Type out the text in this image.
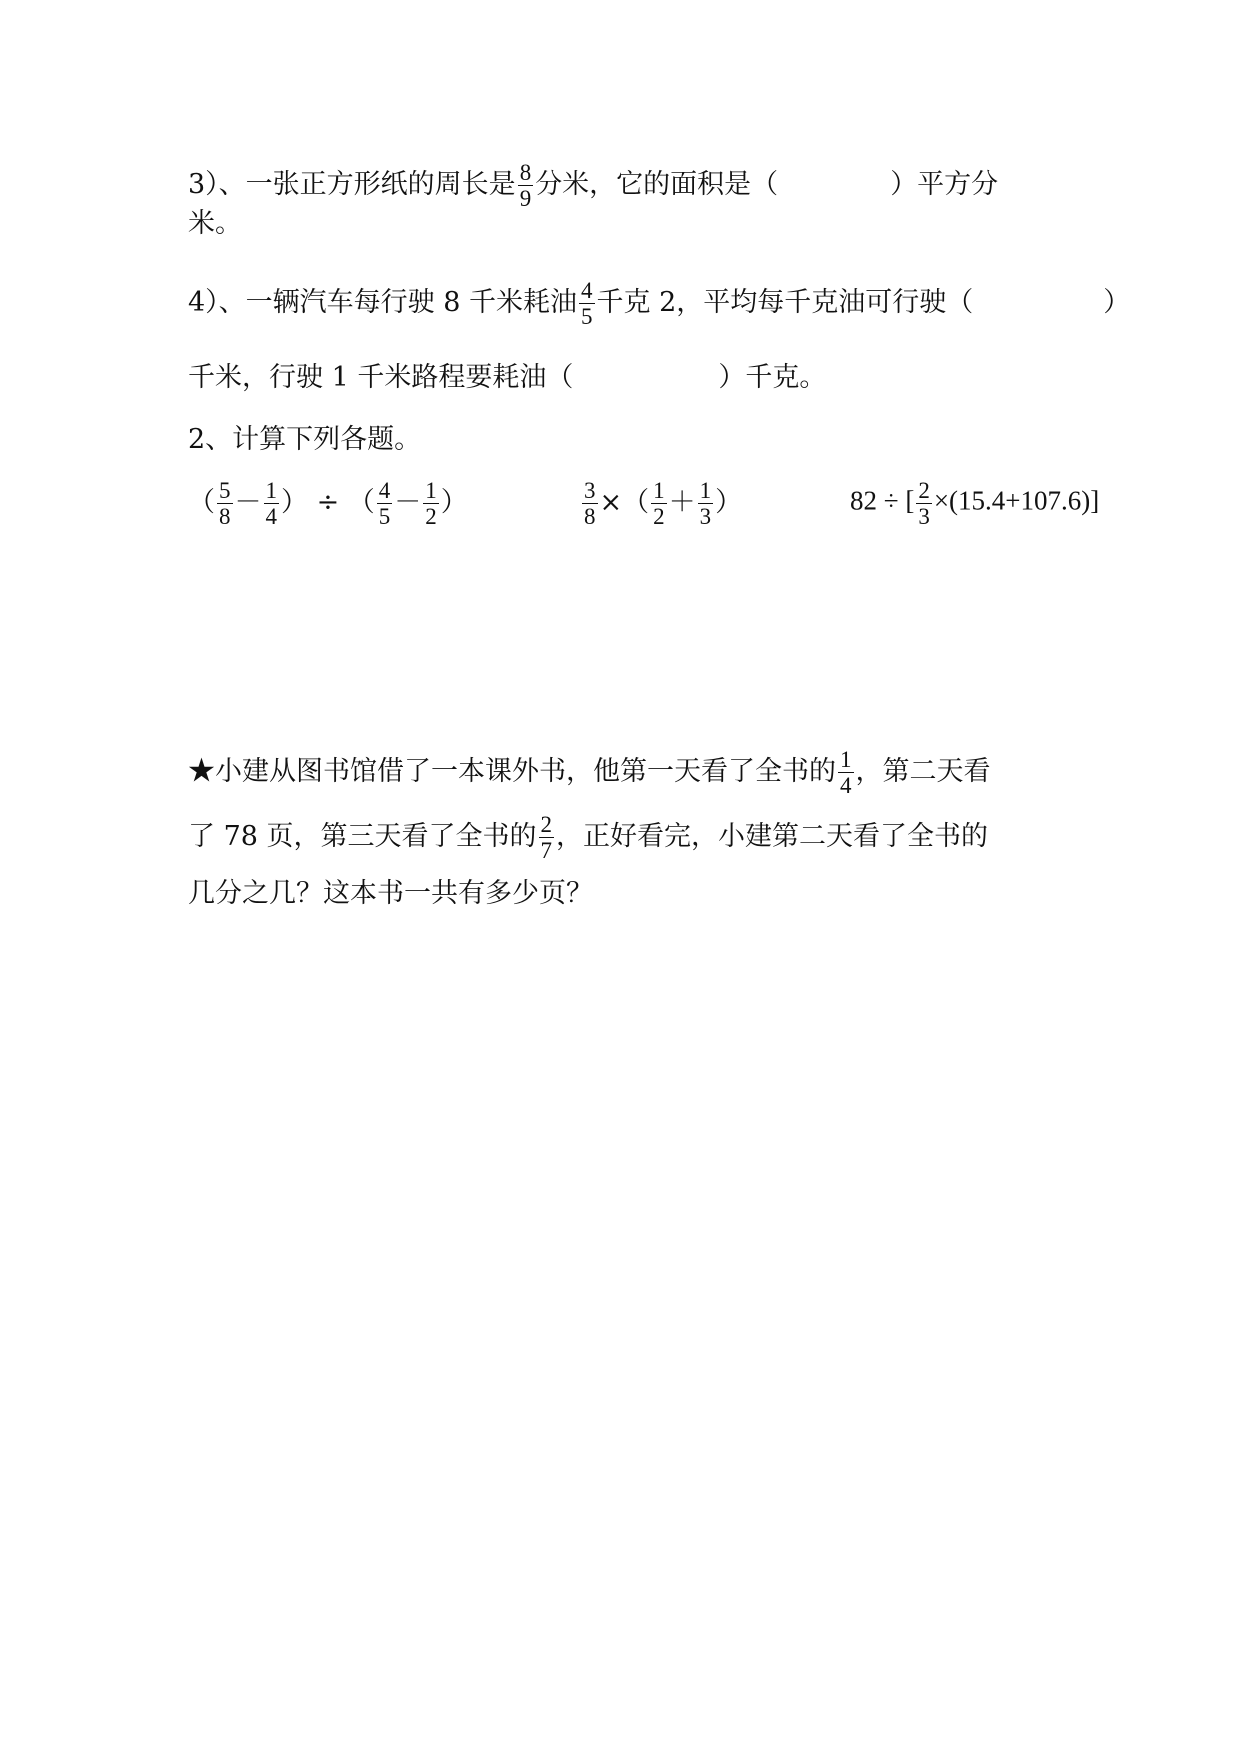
3）、一张正方形纸的周长是 $\frac{8}{9}$ 分米，它的面积是（	）平方分
米。
4）、一辆汽车每行驶 8 千米耗油 $\frac{4}{5}$ 千克 2，平均每千克油可行驶（	）
千米，行驶 1 千米路程要耗油（	）千克。
2、计算下列各题。
（ $\frac{5}{8} - \frac{1}{4}$ ） ÷ （ $\frac{4}{5} - \frac{1}{2}$ ）	$\frac{3}{8}$ ×（ $\frac{1}{2} + \frac{1}{3}$ ）	82 ÷ [ $\frac{2}{3} \times(15.4+107.6)$]
★小建从图书馆借了一本课外书，他第一天看了全书的 $\frac{1}{4}$ ，第二天看
了 78 页，第三天看了全书的 $\frac{2}{7}$ ，正好看完，小建第二天看了全书的
几分之几？这本书一共有多少页？
